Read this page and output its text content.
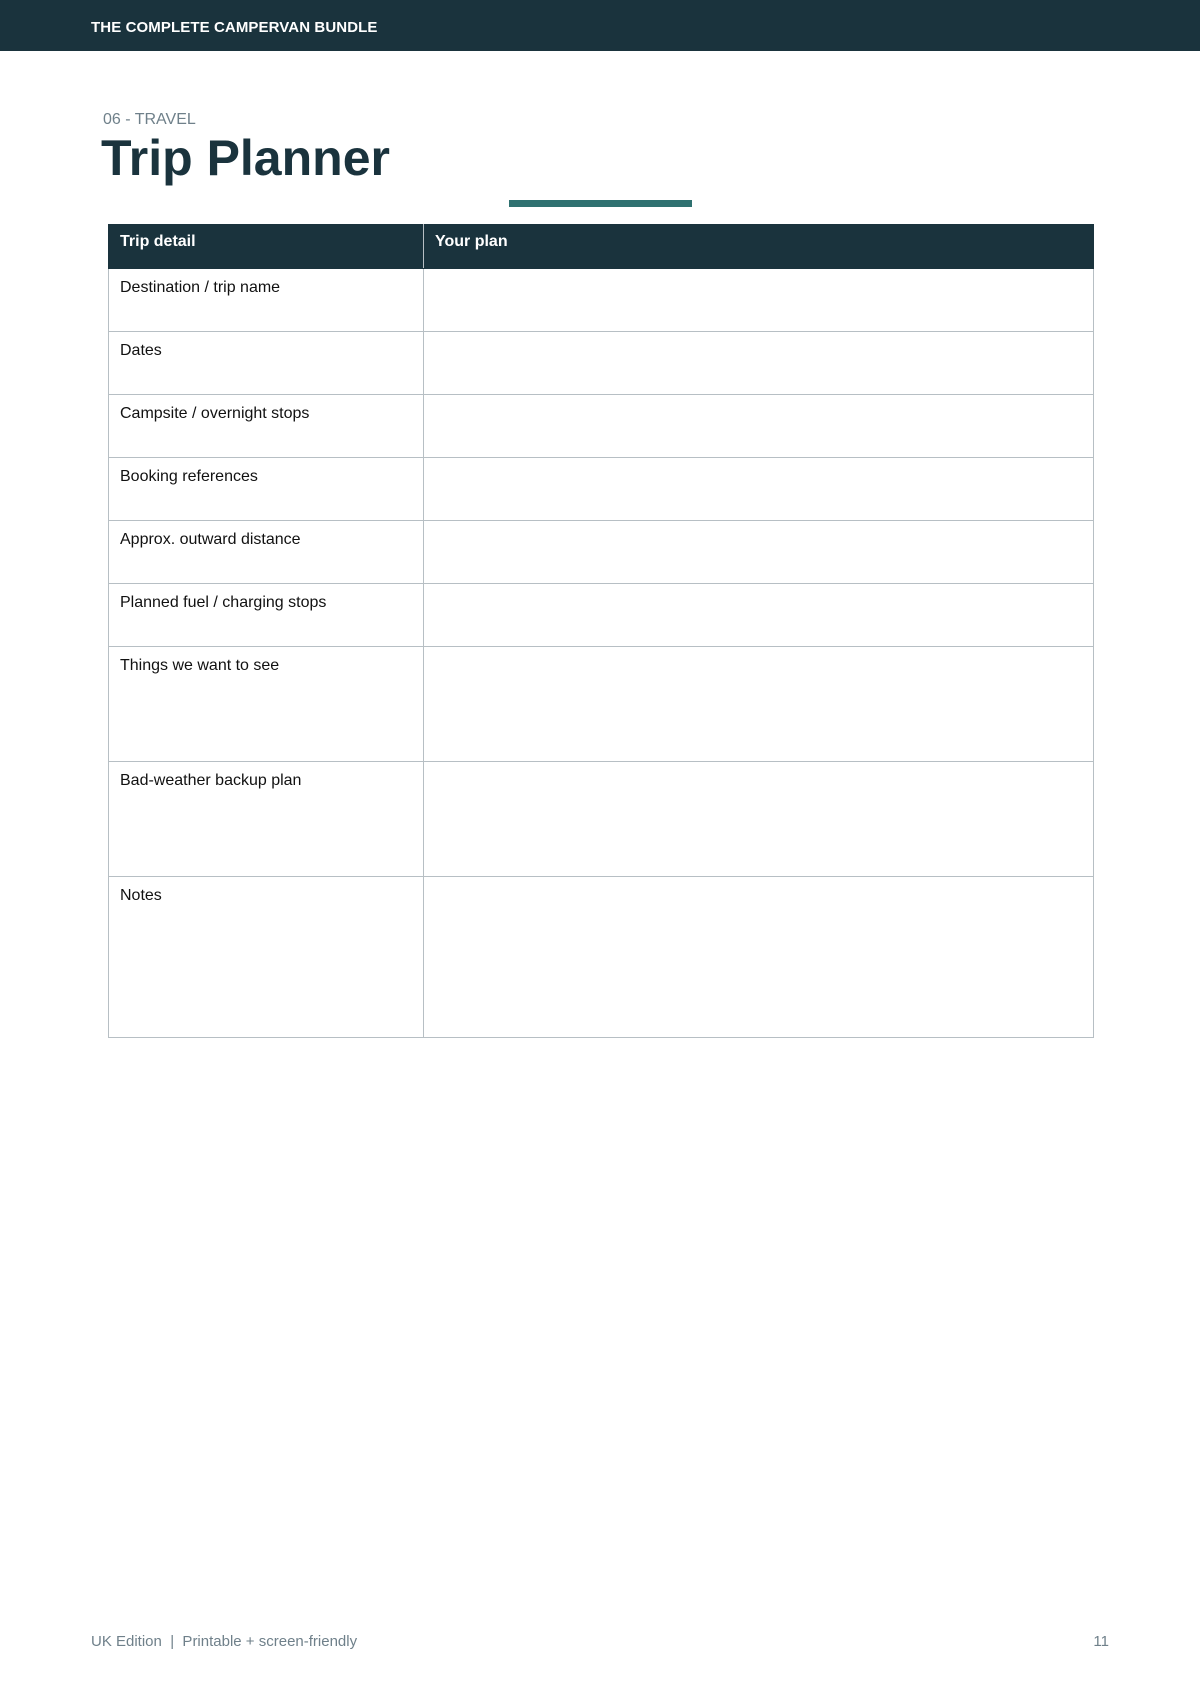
THE COMPLETE CAMPERVAN BUNDLE
06 - TRAVEL
Trip Planner
Trip detail	Your plan
Destination / trip name	
Dates	
Campsite / overnight stops	
Booking references	
Approx. outward distance	
Planned fuel / charging stops	
Things we want to see	
Bad-weather backup plan	
Notes	
UK Edition  |  Printable + screen-friendly	11
